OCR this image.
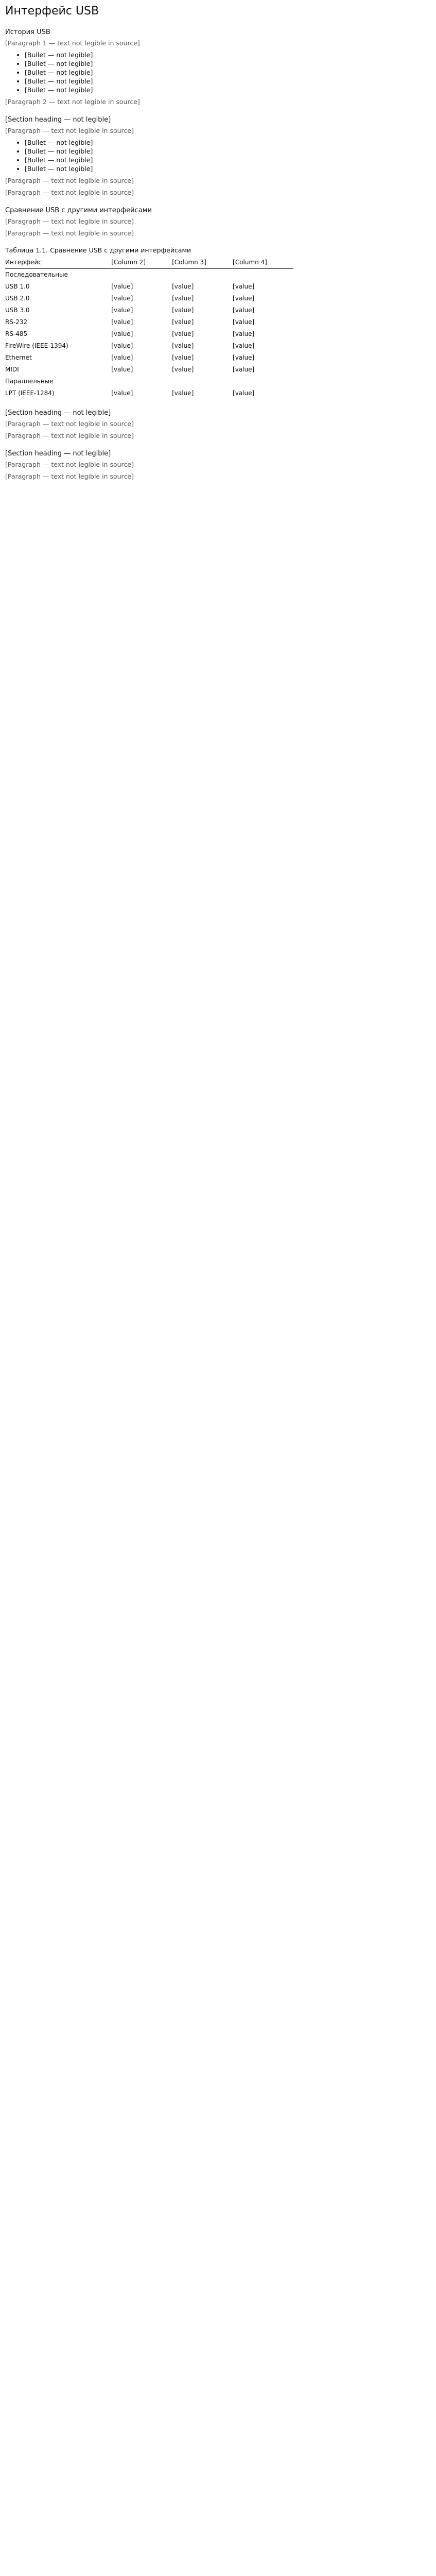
Интерфейс USB
История USB

[Paragraph 1 — text not legible in source]

• [Bullet — not legible]
• [Bullet — not legible]
• [Bullet — not legible]
• [Bullet — not legible]
• [Bullet — not legible]

[Paragraph 2 — text not legible in source]

[Section heading — not legible]

[Paragraph — text not legible in source]

• [Bullet — not legible]
• [Bullet — not legible]
• [Bullet — not legible]
• [Bullet — not legible]

[Paragraph — text not legible in source]

[Paragraph — text not legible in source]

Сравнение USB с другими интерфейсами

[Paragraph — text not legible in source]

[Paragraph — text not legible in source]

Таблица 1.1. Сравнение USB с другими интерфейсами
Интерфейс	[Column 2]	[Column 3]	[Column 4]
Последовательные			
USB 1.0	[value]	[value]	[value]
USB 2.0	[value]	[value]	[value]
USB 3.0	[value]	[value]	[value]
RS-232	[value]	[value]	[value]
RS-485	[value]	[value]	[value]
FireWire (IEEE-1394)	[value]	[value]	[value]
Ethernet	[value]	[value]	[value]
MIDI	[value]	[value]	[value]
Параллельные			
LPT (IEEE-1284)	[value]	[value]	[value]
[Section heading — not legible]

[Paragraph — text not legible in source]

[Paragraph — text not legible in source]

[Section heading — not legible]

[Paragraph — text not legible in source]

[Paragraph — text not legible in source]
